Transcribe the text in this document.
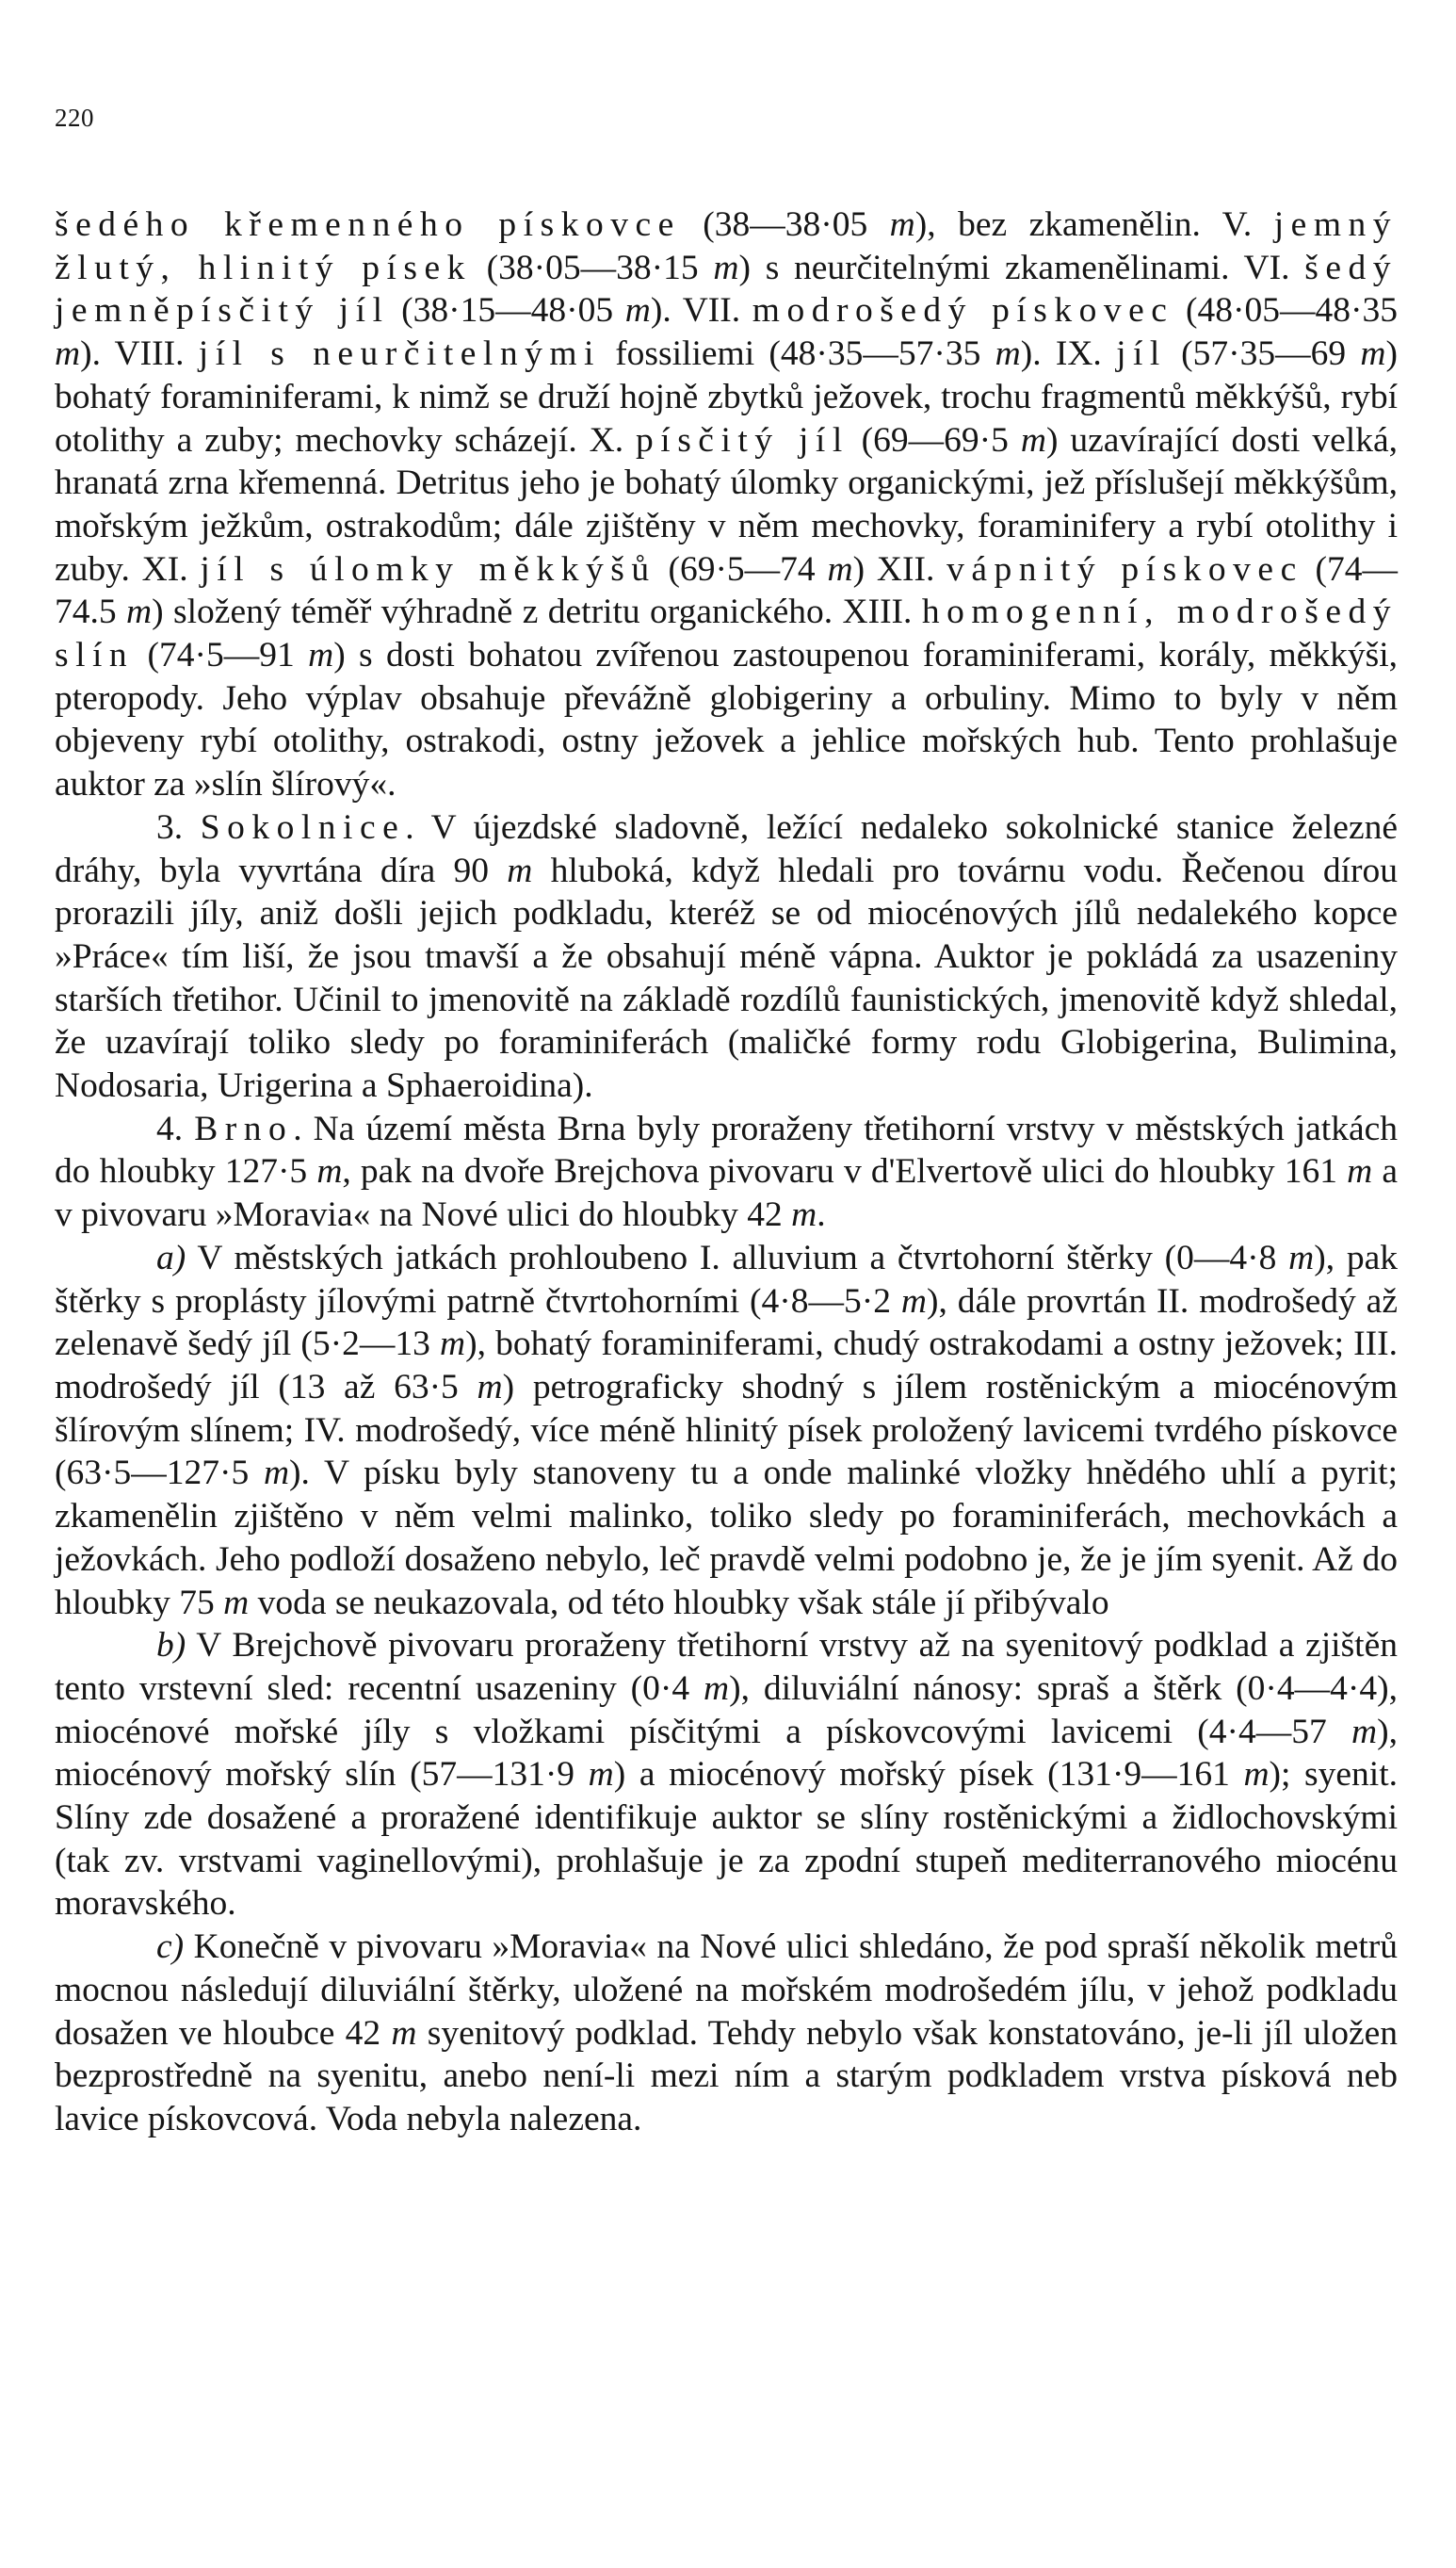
220

šedého křemenného pískovce (38—38·05 m), bez zkamenělin. V. jemný žlutý, hlinitý písek (38·05—38·15 m) s neurčitelnými zkamenělinami. VI. šedý jemněpísčitý jíl (38·15—48·05 m). VII. modrošedý pískovec (48·05—48·35 m). VIII. jíl s neurčitelnými fossiliemi (48·35—57·35 m). IX. jíl (57·35—69 m) bohatý foraminiferami, k nimž se druží hojně zbytků ježovek, trochu fragmentů měkkýšů, rybí otolithy a zuby; mechovky scházejí. X. písčitý jíl (69—69·5 m) uzavírající dosti velká, hranatá zrna křemenná. Detritus jeho je bohatý úlomky organickými, jež příslušejí měkkýšům, mořským ježkům, ostrakodům; dále zjištěny v něm mechovky, foraminifery a rybí otolithy i zuby. XI. jíl s úlomky měkkýšů (69·5—74 m) XII. vápnitý pískovec (74—74.5 m) složený téměř výhradně z detritu organického. XIII. homogenní, modrošedý slín (74·5—91 m) s dosti bohatou zvířenou zastoupenou foraminiferami, korály, měkkýši, pteropody. Jeho výplav obsahuje převážně globigeriny a orbuliny. Mimo to byly v něm objeveny rybí otolithy, ostrakodi, ostny ježovek a jehlice mořských hub. Tento prohlašuje auktor za »slín šlírový«.

3. Sokolnice. V újezdské sladovně, ležící nedaleko sokolnické stanice železné dráhy, byla vyvrtána díra 90 m hluboká, když hledali pro továrnu vodu. Řečenou dírou prorazili jíly, aniž došli jejich podkladu, kteréž se od miocénových jílů nedalekého kopce »Práce« tím liší, že jsou tmavší a že obsahují méně vápna. Auktor je pokládá za usazeniny starších třetihor. Učinil to jmenovitě na základě rozdílů faunistických, jmenovitě když shledal, že uzavírají toliko sledy po foraminiferách (maličké formy rodu Globigerina, Bulimina, Nodosaria, Urigerina a Sphaeroidina).

4. Brno. Na území města Brna byly proraženy třetihorní vrstvy v městských jatkách do hloubky 127·5 m, pak na dvoře Brejchova pivovaru v d'Elvertově ulici do hloubky 161 m a v pivovaru »Moravia« na Nové ulici do hloubky 42 m.

a) V městských jatkách prohloubeno I. alluvium a čtvrtohorní štěrky (0—4·8 m), pak štěrky s proplásty jílovými patrně čtvrtohorními (4·8—5·2 m), dále provrtán II. modrošedý až zelenavě šedý jíl (5·2—13 m), bohatý foraminiferami, chudý ostrakodami a ostny ježovek; III. modrošedý jíl (13 až 63·5 m) petrograficky shodný s jílem rostěnickým a miocénovým šlírovým slínem; IV. modrošedý, více méně hlinitý písek proložený lavicemi tvrdého pískovce (63·5—127·5 m). V písku byly stanoveny tu a onde malinké vložky hnědého uhlí a pyrit; zkamenělin zjištěno v něm velmi malinko, toliko sledy po foraminiferách, mechovkách a ježovkách. Jeho podloží dosaženo nebylo, leč pravdě velmi podobno je, že je jím syenit. Až do hloubky 75 m voda se neukazovala, od této hloubky však stále jí přibývalo

b) V Brejchově pivovaru proraženy třetihorní vrstvy až na syenitový podklad a zjištěn tento vrstevní sled: recentní usazeniny (0·4 m), diluviální nánosy: spraš a štěrk (0·4—4·4), miocénové mořské jíly s vložkami písčitými a pískovcovými lavicemi (4·4—57 m), miocénový mořský slín (57—131·9 m) a miocénový mořský písek (131·9—161 m); syenit. Slíny zde dosažené a proražené identifikuje auktor se slíny rostěnickými a židlochovskými (tak zv. vrstvami vaginellovými), prohlašuje je za zpodní stupeň mediterranového miocénu moravského.

c) Konečně v pivovaru »Moravia« na Nové ulici shledáno, že pod spraší několik metrů mocnou následují diluviální štěrky, uložené na mořském modrošedém jílu, v jehož podkladu dosažen ve hloubce 42 m syenitový podklad. Tehdy nebylo však konstatováno, je-li jíl uložen bezprostředně na syenitu, anebo není-li mezi ním a starým podkladem vrstva písková neb lavice pískovcová. Voda nebyla nalezena.
